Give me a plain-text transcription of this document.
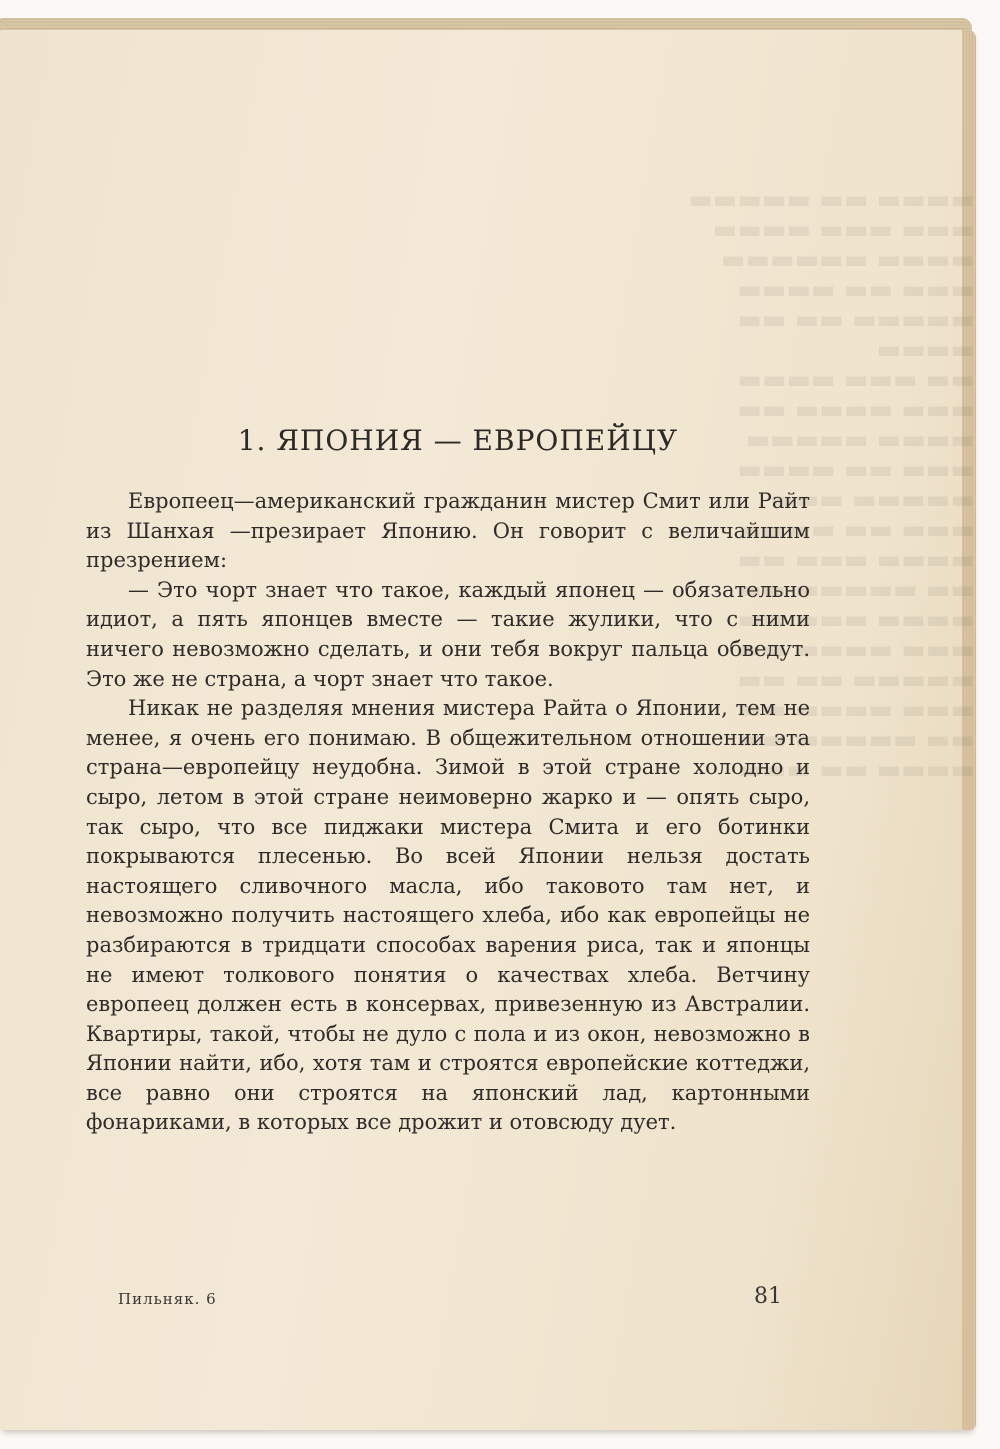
▬▬▬▬ ▬▬ ▬▬▬▬▬
▬▬▬ ▬▬▬ ▬▬▬▬
▬▬▬▬ ▬▬▬▬▬▬
▬▬▬ ▬▬ ▬▬▬▬
▬▬▬▬▬ ▬▬ ▬▬
▬▬▬▬
▬▬ ▬▬▬ ▬▬▬▬
▬▬▬ ▬▬▬▬ ▬▬
▬▬▬▬ ▬▬▬▬▬
▬▬▬ ▬▬ ▬▬▬▬
▬▬▬▬▬ ▬▬▬
▬▬▬ ▬▬ ▬▬▬▬
▬▬▬▬ ▬▬▬ ▬▬
▬▬ ▬▬▬▬▬ ▬▬
▬▬▬▬ ▬▬▬ ▬▬
▬▬▬ ▬▬▬▬ ▬▬
▬▬▬▬▬ ▬▬ ▬▬
▬▬▬ ▬▬▬▬ ▬▬
▬▬ ▬▬▬▬▬ ▬▬
▬▬▬▬ ▬▬ ▬▬▬
1. ЯПОНИЯ — ЕВРОПЕЙЦУ

Европеец—американский гражданин мистер Смит или Райт из Шанхая —презирает Японию. Он говорит с величайшим презрением:

— Это чорт знает что такое, каждый японец — обязательно идиот, а пять японцев вместе — такие жулики, что с ними ничего невозможно сделать, и они тебя вокруг пальца обведут. Это же не страна, а чорт знает что такое.

Никак не разделяя мнения мистера Райта о Японии, тем не менее, я очень его понимаю. В общежительном отношении эта страна—европейцу неудобна. Зимой в этой стране холодно и сыро, летом в этой стране неимоверно жарко и — опять сыро, так сыро, что все пиджаки мистера Смита и его ботинки покрываются плесенью. Во всей Японии нельзя достать настоящего сливочного масла, ибо таковото там нет, и невозможно получить настоящего хлеба, ибо как европейцы не разбираются в тридцати способах варения риса, так и японцы не имеют толкового понятия о качествах хлеба. Ветчину европеец должен есть в консервах, привезенную из Австралии. Квартиры, такой, чтобы не дуло с пола и из окон, невозможно в Японии найти, ибо, хотя там и строятся европейские коттеджи, все равно они строятся на японский лад, картонными фонариками, в которых все дрожит и отовсюду дует.

Пильняк. 6	81
